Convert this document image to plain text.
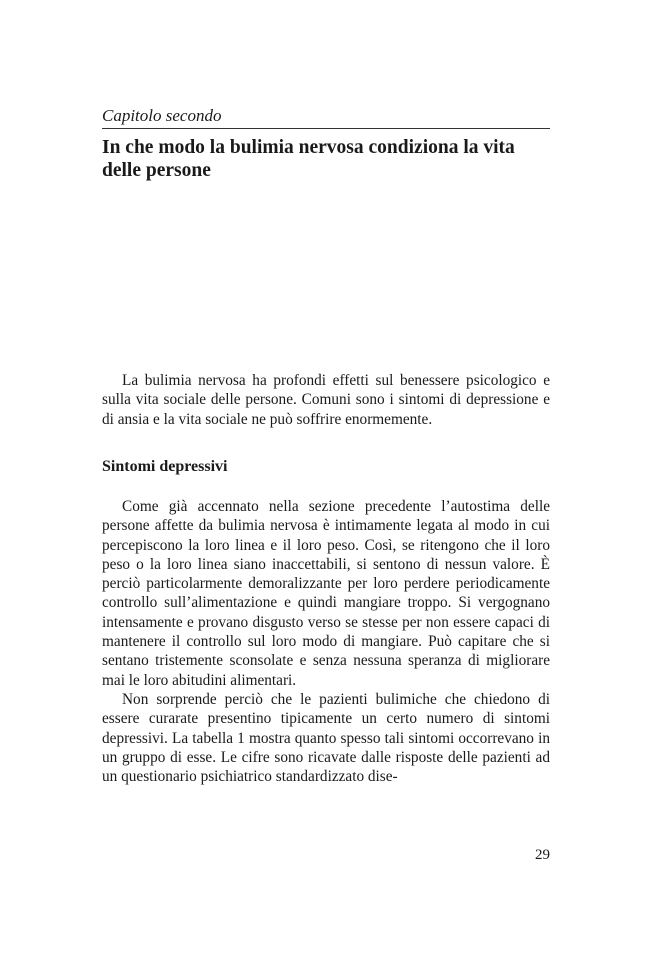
Capitolo secondo
In che modo la bulimia nervosa condiziona la vita delle persone

La bulimia nervosa ha profondi effetti sul benessere psicologico e sulla vita sociale delle persone. Comuni sono i sintomi di depressione e di ansia e la vita sociale ne può soffrire enormemente.

Sintomi depressivi

Come già accennato nella sezione precedente l’autostima delle persone affette da bulimia nervosa è intimamente legata al modo in cui percepiscono la loro linea e il loro peso. Così, se ritengono che il loro peso o la loro linea siano inaccettabili, si sentono di nessun valore. È perciò particolarmente demoralizzante per loro perdere periodicamente controllo sull’alimentazione e quindi mangiare troppo. Si vergognano intensamente e provano disgusto verso se stesse per non essere capaci di mantenere il controllo sul loro modo di mangiare. Può capitare che si sentano tristemente sconsolate e senza nessuna speranza di migliorare mai le loro abitudini alimentari.

Non sorprende perciò che le pazienti bulimiche che chiedono di essere curarate presentino tipicamente un certo numero di sintomi depressivi. La tabella 1 mostra quanto spesso tali sintomi occorrevano in un gruppo di esse. Le cifre sono ricavate dalle risposte delle pazienti ad un questionario psichiatrico standardizzato dise-

29
